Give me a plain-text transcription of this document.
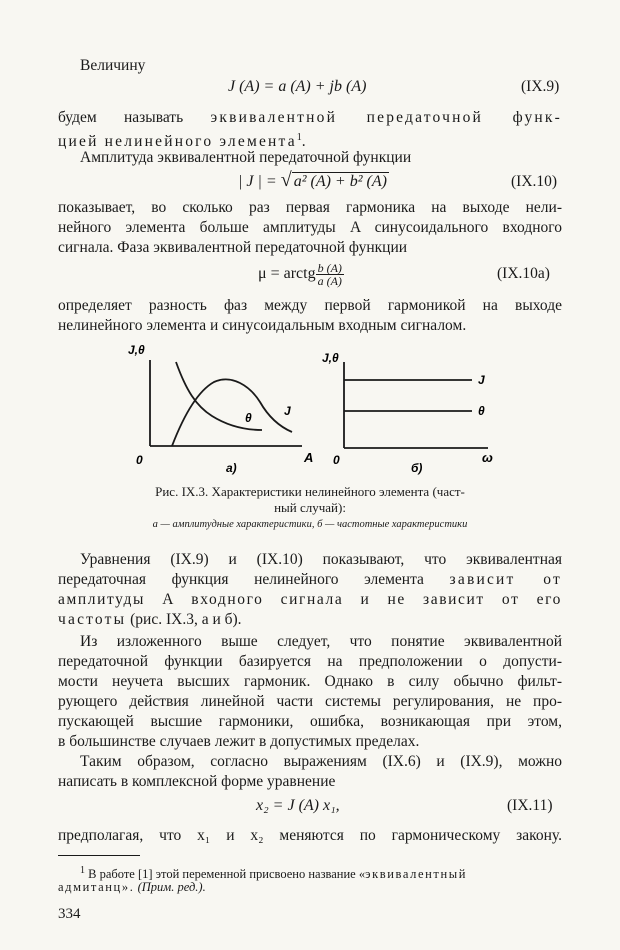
Величину
J (A) = a (A) + jb (A)	(IX.9)
будем называть эквивалентной передаточной функ-
цией нелинейного элемента$^1$.
Амплитуда эквивалентной передаточной функции
| J | = √ a² (A) + b² (A)	(IX.10)
показывает, во сколько раз первая гармоника на выходе нели-
нейного элемента больше амплитуды A синусоидального входного
сигнала. Фаза эквивалентной передаточной функции
μ = arctg $\frac{b (A)}{a (A)}$	(IX.10a)
определяет разность фаз между первой гармоникой на выходе
нелинейного элемента и синусоидальным входным сигналом.
J,θ
0	A
θ	J
а)
J,θ
0	ω
J
θ
б)
Рис. IX.3. Характеристики нелинейного элемента (част-
ный случай):
а — амплитудные характеристики, б — частотные характеристики
Уравнения (IX.9) и (IX.10) показывают, что эквивалентная
передаточная функция нелинейного элемента зависит от
амплитуды A входного сигнала и не зависит от его
частоты (рис. IX.3, а и б).
Из изложенного выше следует, что понятие эквивалентной
передаточной функции базируется на предположении о допусти-
мости неучета высших гармоник. Однако в силу обычно фильт-
рующего действия линейной части системы регулирования, не про-
пускающей высшие гармоники, ошибка, возникающая при этом,
в большинстве случаев лежит в допустимых пределах.
Таким образом, согласно выражениям (IX.6) и (IX.9), можно
написать в комплексной форме уравнение
x₂ = J (A) x₁,	(IX.11)
предполагая, что x₁ и x₂ меняются по гармоническому закону.
$^1$ В работе [1] этой переменной присвоено название «эквивалентный
адмитанц». (Прим. ред.).
334
